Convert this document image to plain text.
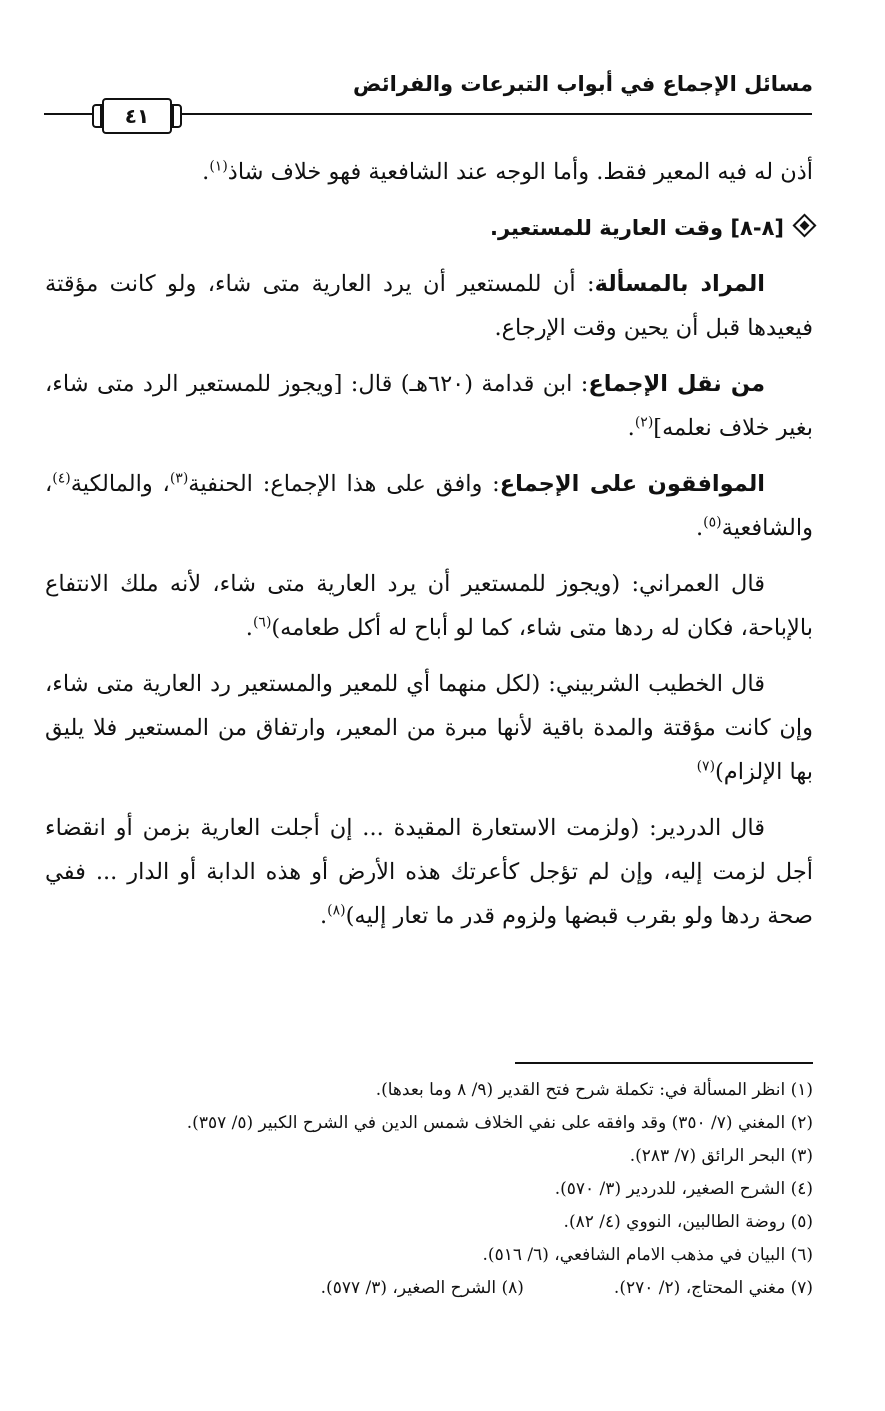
مسائل الإجماع في أبواب التبرعات والفرائض
٤١

أذن له فيه المعير فقط. وأما الوجه عند الشافعية فهو خلاف شاذ$^{(١)}$.

[٨-٨] وقت العارية للمستعير.

المراد بالمسألة: أن للمستعير أن يرد العارية متى شاء، ولو كانت مؤقتة فيعيدها قبل أن يحين وقت الإرجاع.

من نقل الإجماع: ابن قدامة (٦٢٠هـ) قال: [ويجوز للمستعير الرد متى شاء، بغير خلاف نعلمه]$^{(٢)}$.

الموافقون على الإجماع: وافق على هذا الإجماع: الحنفية$^{(٣)}$، والمالكية$^{(٤)}$، والشافعية$^{(٥)}$.

قال العمراني: (ويجوز للمستعير أن يرد العارية متى شاء، لأنه ملك الانتفاع بالإباحة، فكان له ردها متى شاء، كما لو أباح له أكل طعامه)$^{(٦)}$.

قال الخطيب الشربيني: (لكل منهما أي للمعير والمستعير رد العارية متى شاء، وإن كانت مؤقتة والمدة باقية لأنها مبرة من المعير، وارتفاق من المستعير فلا يليق بها الإلزام)$^{(٧)}$

قال الدردير: (ولزمت الاستعارة المقيدة ... إن أجلت العارية بزمن أو انقضاء أجل لزمت إليه، وإن لم تؤجل كأعرتك هذه الأرض أو هذه الدابة أو الدار ... ففي صحة ردها ولو بقرب قبضها ولزوم قدر ما تعار إليه)$^{(٨)}$.

(١) انظر المسألة في: تكملة شرح فتح القدير (٩/ ٨ وما بعدها).

(٢) المغني (٧/ ٣٥٠) وقد وافقه على نفي الخلاف شمس الدين في الشرح الكبير (٥/ ٣٥٧).

(٣) البحر الرائق (٧/ ٢٨٣).

(٤) الشرح الصغير، للدردير (٣/ ٥٧٠).

(٥) روضة الطالبين، النووي (٤/ ٨٢).

(٦) البيان في مذهب الامام الشافعي، (٦/ ٥١٦).

(٧) مغني المحتاج، (٢/ ٢٧٠).
(٨) الشرح الصغير، (٣/ ٥٧٧).
